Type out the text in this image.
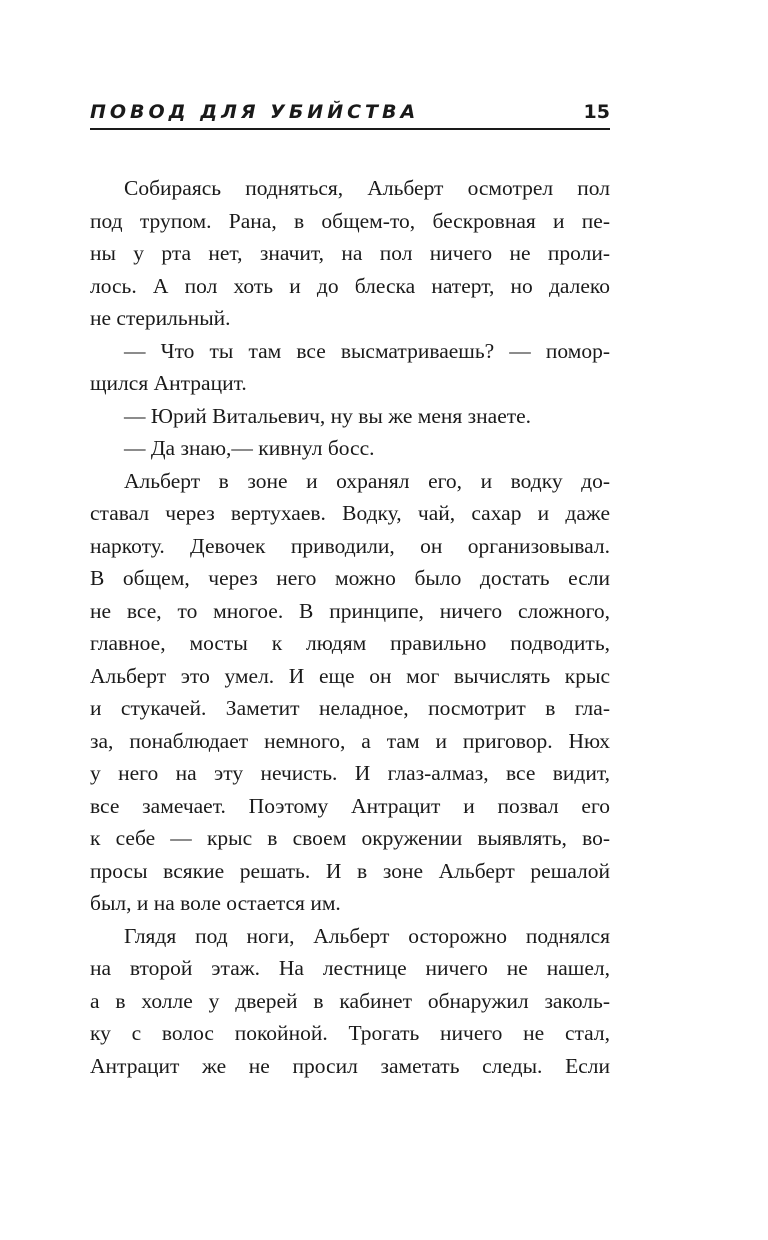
ПОВОД ДЛЯ УБИЙСТВА	15
Собираясь подняться, Альберт осмотрел пол
под трупом. Рана, в общем-то, бескровная и пе-
ны у рта нет, значит, на пол ничего не проли-
лось. А пол хоть и до блеска натерт, но далеко
не стерильный.
— Что ты там все высматриваешь? — помор-
щился Антрацит.
— Юрий Витальевич, ну вы же меня знаете.
— Да знаю,— кивнул босс.
Альберт в зоне и охранял его, и водку до-
ставал через вертухаев. Водку, чай, сахар и даже
наркоту. Девочек приводили, он организовывал.
В общем, через него можно было достать если
не все, то многое. В принципе, ничего сложного,
главное, мосты к людям правильно подводить,
Альберт это умел. И еще он мог вычислять крыс
и стукачей. Заметит неладное, посмотрит в гла-
за, понаблюдает немного, а там и приговор. Нюх
у него на эту нечисть. И глаз-алмаз, все видит,
все замечает. Поэтому Антрацит и позвал его
к себе — крыс в своем окружении выявлять, во-
просы всякие решать. И в зоне Альберт решалой
был, и на воле остается им.
Глядя под ноги, Альберт осторожно поднялся
на второй этаж. На лестнице ничего не нашел,
а в холле у дверей в кабинет обнаружил заколь-
ку с волос покойной. Трогать ничего не стал,
Антрацит же не просил заметать следы. Если
